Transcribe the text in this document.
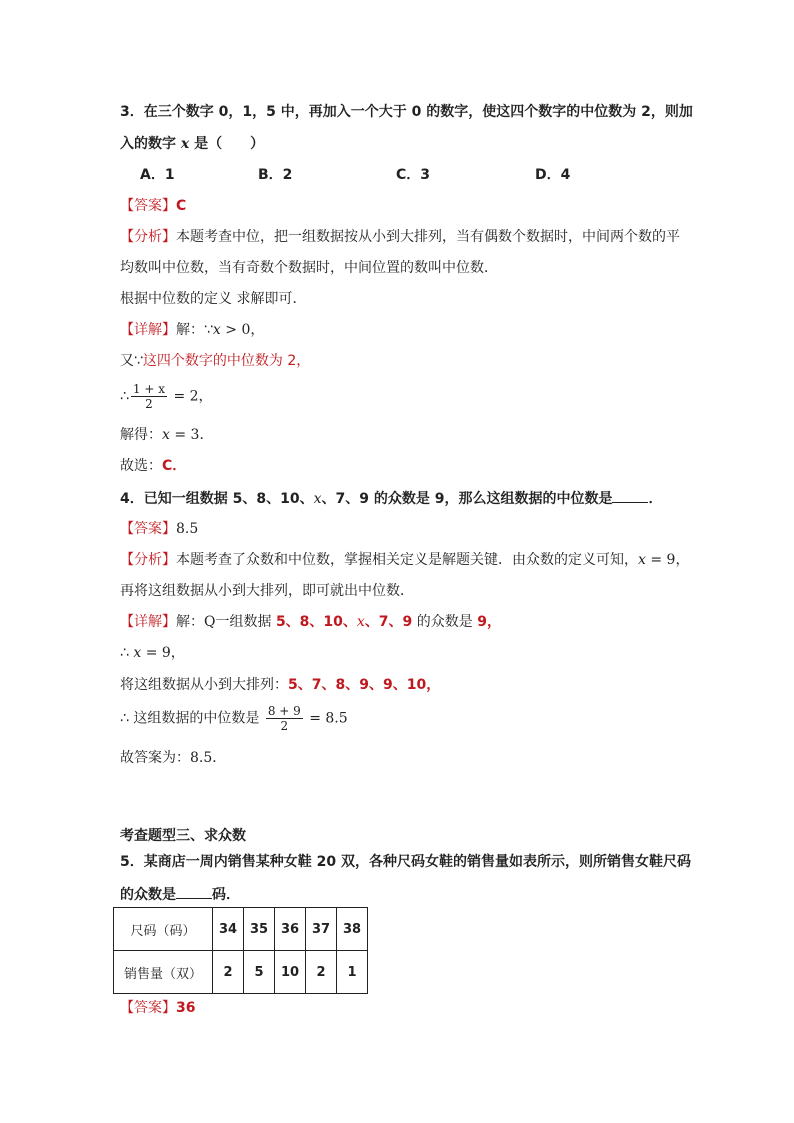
3．在三个数字 0，1，5 中，再加入一个大于 0 的数字，使这四个数字的中位数为 2，则加
入的数字 x 是（　　）
A．1	B．2	C．3	D．4
【答案】C
【分析】本题考查中位，把一组数据按从小到大排列，当有偶数个数据时，中间两个数的平
均数叫中位数，当有奇数个数据时，中间位置的数叫中位数．
根据中位数的定义 求解即可．
【详解】解：∵x > 0，
又∵这四个数字的中位数为 2，
∴ $\frac{1 + x}{2} = 2$，
解得：x = 3．
故选：C．
4．已知一组数据 5、8、10、x、7、9 的众数是 9，那么这组数据的中位数是	．
【答案】8.5
【分析】本题考查了众数和中位数，掌握相关定义是解题关键．由众数的定义可知，x = 9，
再将这组数据从小到大排列，即可就出中位数．
【详解】解：Q一组数据 5、8、10、x、7、9 的众数是 9，
∴ x = 9，
将这组数据从小到大排列：5、7、8、9、9、10，
∴ 这组数据的中位数是 $\frac{8 + 9}{2} = 8.5$
故答案为：8.5．
考查题型三、求众数
5．某商店一周内销售某种女鞋 20 双，各种尺码女鞋的销售量如表所示，则所销售女鞋尺码
的众数是	码．
尺码（码）	34	35	36	37	38
销售量（双）	2	5	10	2	1
【答案】36
